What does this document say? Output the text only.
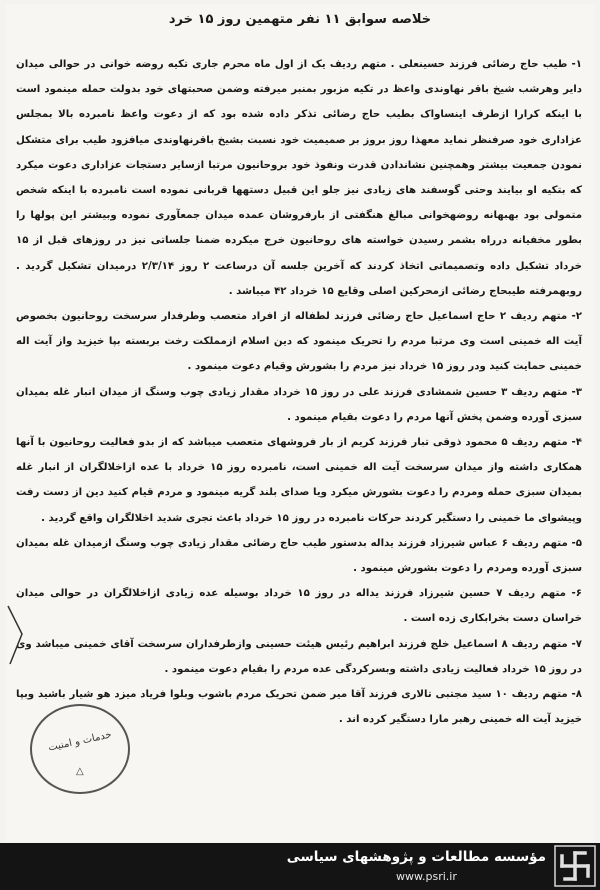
خلاصه سوابق ۱۱ نفر متهمین روز ۱۵ خرد

۱- طیب حاج رضائی فرزند حسینعلی . متهم ردیف یک از اول ماه محرم جاری تکیه روضه خوانی در حوالی میدان دایر وهرشب شیخ باقر نهاوندی واعظ در تکیه مزبور بمنبر میرفته وضمن صحبتهای خود بدولت حمله مینمود است با اینکه کرارا ازطرف اینساواک بطیب حاج رضائی تذکر داده شده بود که از دعوت واعظ نامبرده بالا بمجلس عزاداری خود صرفنظر نماید معهذا روز بروز بر صمیمیت خود نسبت بشیخ باقرنهاوندی میافزود طیب برای متشکل نمودن جمعیت بیشتر وهمچنین نشاندادن قدرت ونفوذ خود بروحانیون مرتبا ازسایر دستجات عزاداری دعوت میکرد که بتکیه او بیایند وحتی گوسفند های زیادی نیز جلو این قبیل دستهها قربانی نموده است نامبرده با اینکه شخص متمولی بود بهبهانه روضهخوانی مبالغ هنگفتی از بارفروشان عمده میدان جمعآوری نموده وبیشتر این پولها را بطور مخفیانه درراه بشمر رسیدن خواسته های روحانیون خرج میکرده ضمنا جلساتی نیز در روزهای قبل از ۱۵ خرداد تشکیل داده وتصمیماتی اتخاذ کردند که آخرین جلسه آن درساعت ۲ روز ۲/۳/۱۴ درمیدان تشکیل گردید . روبهمرفته طیبحاج رضائی ازمحرکین اصلی وقایع ۱۵ خرداد ۴۲ میباشد .

۲- متهم ردیف ۲ حاج اسماعیل حاج رضائی فرزند لطفاله از افراد متعصب وطرفدار سرسخت روحانیون بخصوص آیت اله خمینی است وی مرتبا مردم را تحریک مینمود که دین اسلام ازمملکت رخت بربسته بپا خیزید واز آیت اله خمینی حمایت کنید ودر روز ۱۵ خرداد نیز مردم را بشورش وقیام دعوت مینمود .

۳- متهم ردیف ۳ حسین شمشادی فرزند علی در روز ۱۵ خرداد مقدار زیادی چوب وسنگ از میدان انبار غله بمیدان سبزی آورده وضمن پخش آنها مردم را دعوت بقیام مینمود .

۴- متهم ردیف ۵ محمود ذوقی تبار فرزند کریم از بار فروشهای متعصب میباشد که از بدو فعالیت روحانیون با آنها همکاری داشته واز میدان سرسخت آیت اله خمینی است، نامبرده روز ۱۵ خرداد با عده ازاخلالگران از انبار غله بمیدان سبزی حمله ومردم را دعوت بشورش میکرد ویا صدای بلند گریه مینمود و مردم قیام کنید دین از دست رفت وپیشوای ما خمینی را دستگیر کردند حرکات نامبرده در روز ۱۵ خرداد باعث تجری شدید اخلالگران واقع گردید .

۵- متهم ردیف ۶ عباس شیرزاد فرزند یداله بدستور طیب حاج رضائی مقدار زیادی چوب وسنگ ازمیدان غله بمیدان سبزی آورده ومردم را دعوت بشورش مینمود .

۶- متهم ردیف ۷ حسین شیرزاد فرزند یداله در روز ۱۵ خرداد بوسیله عده زیادی ازاخلالگران در حوالی میدان خراسان دست بخرابکاری زده است .

۷- متهم ردیف ۸ اسماعیل خلج فرزند ابراهیم رئیس هیئت حسینی وازطرفداران سرسخت آقای خمینی میباشد وی در روز ۱۵ خرداد فعالیت زیادی داشته وبسرکردگی عده مردم را بقیام دعوت مینمود .

۸- متهم ردیف ۱۰ سید مجتبی تالاری فرزند آقا میر ضمن تحریک مردم باشوب وبلوا فریاد میزد هو شیار باشید وبپا خیزید آیت اله خمینی رهبر مارا دستگیر کرده اند .

خدمات و امنیت
△
مؤسسه مطالعات و پژوهشهای سیاسی
www.psri.ir
